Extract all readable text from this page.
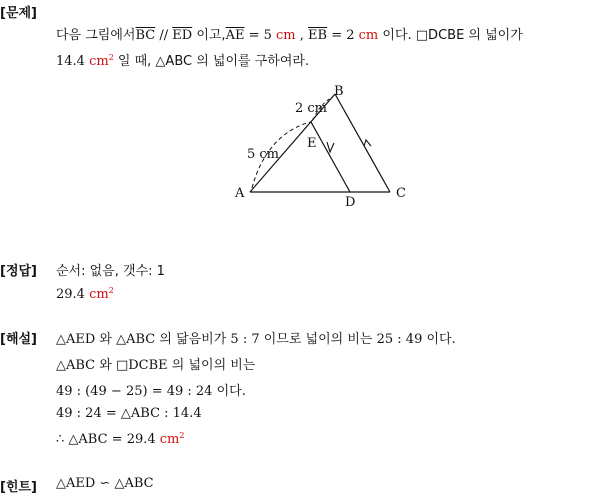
[문제]
다음 그림에서$\overline{BC} // \overline{ED}$ 이고$,\overline{AE} = 5$ cm , $\overline{EB} = 2$ cm 이다. □DCBE 의 넓이가
14.4 $cm^2$ 일 때, △ABC 의 넓이를 구하여라.
A
B
C
D
E
2 cm
5 cm
[정답] 순서: 없음, 갯수: 1
29.4 $cm^2$
[해설] △AED 와 △ABC 의 닮음비가 5 : 7 이므로 넓이의 비는 25 : 49 이다.
△ABC 와 □DCBE 의 넓이의 비는
49 : (49 − 25) = 49 : 24 이다.
49 : 24 = △ABC : 14.4
∴ △ABC = 29.4 $cm^2$
[힌트] △AED ∽ △ABC
